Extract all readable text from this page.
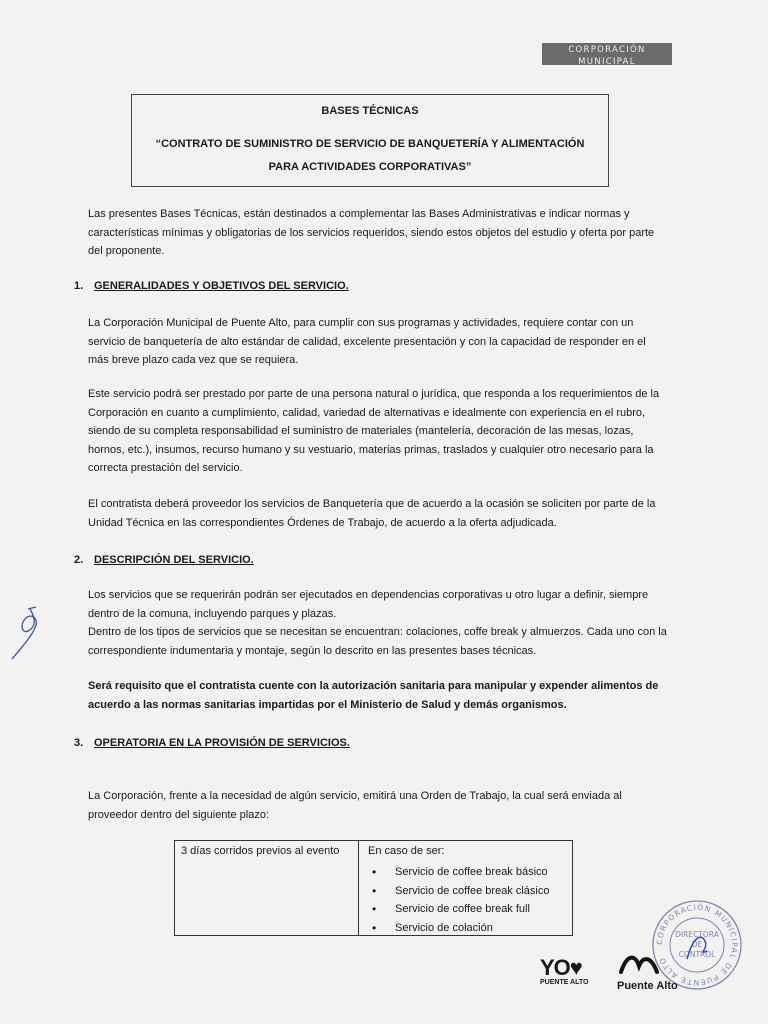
CORPORACIÓN MUNICIPAL
EDUCACIÓN, SALUD Y ATENCIÓN DE MENORES
BASES TÉCNICAS
“CONTRATO DE SUMINISTRO DE SERVICIO DE BANQUETERÍA Y ALIMENTACIÓN
PARA ACTIVIDADES CORPORATIVAS”

Las presentes Bases Técnicas, están destinados a complementar las Bases Administrativas e indicar normas y características mínimas y obligatorias de los servicios requeridos, siendo estos objetos del estudio y oferta por parte del proponente.

1. GENERALIDADES Y OBJETIVOS DEL SERVICIO.

La Corporación Municipal de Puente Alto, para cumplir con sus programas y actividades, requiere contar con un servicio de banquetería de alto estándar de calidad, excelente presentación y con la capacidad de responder en el más breve plazo cada vez que se requiera.

Este servicio podrá ser prestado por parte de una persona natural o jurídica, que responda a los requerimientos de la Corporación en cuanto a cumplimiento, calidad, variedad de alternativas e idealmente con experiencia en el rubro, siendo de su completa responsabilidad el suministro de materiales (mantelería, decoración de las mesas, lozas, hornos, etc.), insumos, recurso humano y su vestuario, materias primas, traslados y cualquier otro necesario para la correcta prestación del servicio.

El contratista deberá proveedor los servicios de Banquetería que de acuerdo a la ocasión se soliciten por parte de la Unidad Técnica en las correspondientes Órdenes de Trabajo, de acuerdo a la oferta adjudicada.

2. DESCRIPCIÓN DEL SERVICIO.

Los servicios que se requerirán podrán ser ejecutados en dependencias corporativas u otro lugar a definir, siempre dentro de la comuna, incluyendo parques y plazas.

Dentro de los tipos de servicios que se necesitan se encuentran: colaciones, coffe break y almuerzos. Cada uno con la correspondiente indumentaria y montaje, según lo descrito en las presentes bases técnicas.

Será requisito que el contratista cuente con la autorización sanitaria para manipular y expender alimentos de acuerdo a las normas sanitarias impartidas por el Ministerio de Salud y demás organismos.

3. OPERATORIA EN LA PROVISIÓN DE SERVICIOS.

La Corporación, frente a la necesidad de algún servicio, emitirá una Orden de Trabajo, la cual será enviada al proveedor dentro del siguiente plazo:

3 días corridos previos al evento	En caso de ser:
• Servicio de coffee break básico
• Servicio de coffee break clásico
• Servicio de coffee break full
• Servicio de colación
CORPORACIÓN MUNICIPAL DE PUENTE ALTO
DIRECTORA
DE
CONTROL
YO♥
PUENTE ALTO	Puente Alto
